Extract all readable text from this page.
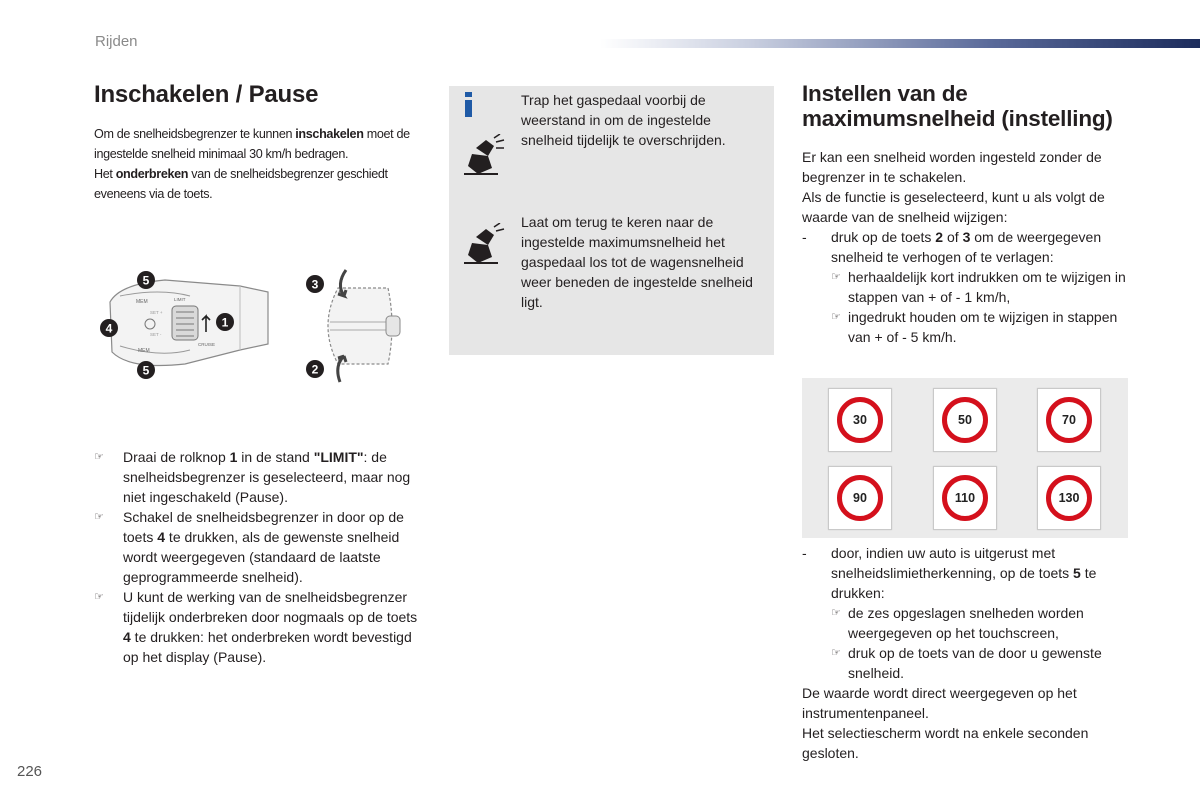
Rijden
Inschakelen / Pause

Om de snelheidsbegrenzer te kunnen inschakelen moet de ingestelde snelheid minimaal 30 km/h bedragen.

Het onderbreken van de snelheidsbegrenzer geschiedt eveneens via de toets.

MEM
MEM
LIMIT
CRUISE
SET +
SET -
5
4	1
5
3
2

☞ Draai de rolknop 1 in de stand "LIMIT": de snelheidsbegrenzer is geselecteerd, maar nog niet ingeschakeld (Pause).

☞ Schakel de snelheidsbegrenzer in door op de toets 4 te drukken, als de gewenste snelheid wordt weergegeven (standaard de laatste geprogrammeerde snelheid).

☞ U kunt de werking van de snelheidsbegrenzer tijdelijk onderbreken door nogmaals op de toets 4 te drukken: het onderbreken wordt bevestigd op het display (Pause).

Trap het gaspedaal voorbij de weerstand in om de ingestelde snelheid tijdelijk te overschrijden.
Laat om terug te keren naar de ingestelde maximumsnelheid het gaspedaal los tot de wagensnelheid weer beneden de ingestelde snelheid ligt.
Instellen van de maximumsnelheid (instelling)

Er kan een snelheid worden ingesteld zonder de begrenzer in te schakelen.

Als de functie is geselecteerd, kunt u als volgt de waarde van de snelheid wijzigen:

- druk op de toets 2 of 3 om de weergegeven snelheid te verhogen of te verlagen:

☞ herhaaldelijk kort indrukken om te wijzigen in stappen van + of - 1 km/h,

☞ ingedrukt houden om te wijzigen in stappen van + of - 5 km/h.

30	50	70
90	110	130

- door, indien uw auto is uitgerust met snelheidslimietherkenning, op de toets 5 te drukken:

☞ de zes opgeslagen snelheden worden weergegeven op het touchscreen,

☞ druk op de toets van de door u gewenste snelheid.

De waarde wordt direct weergegeven op het instrumentenpaneel.

Het selectiescherm wordt na enkele seconden gesloten.

226
